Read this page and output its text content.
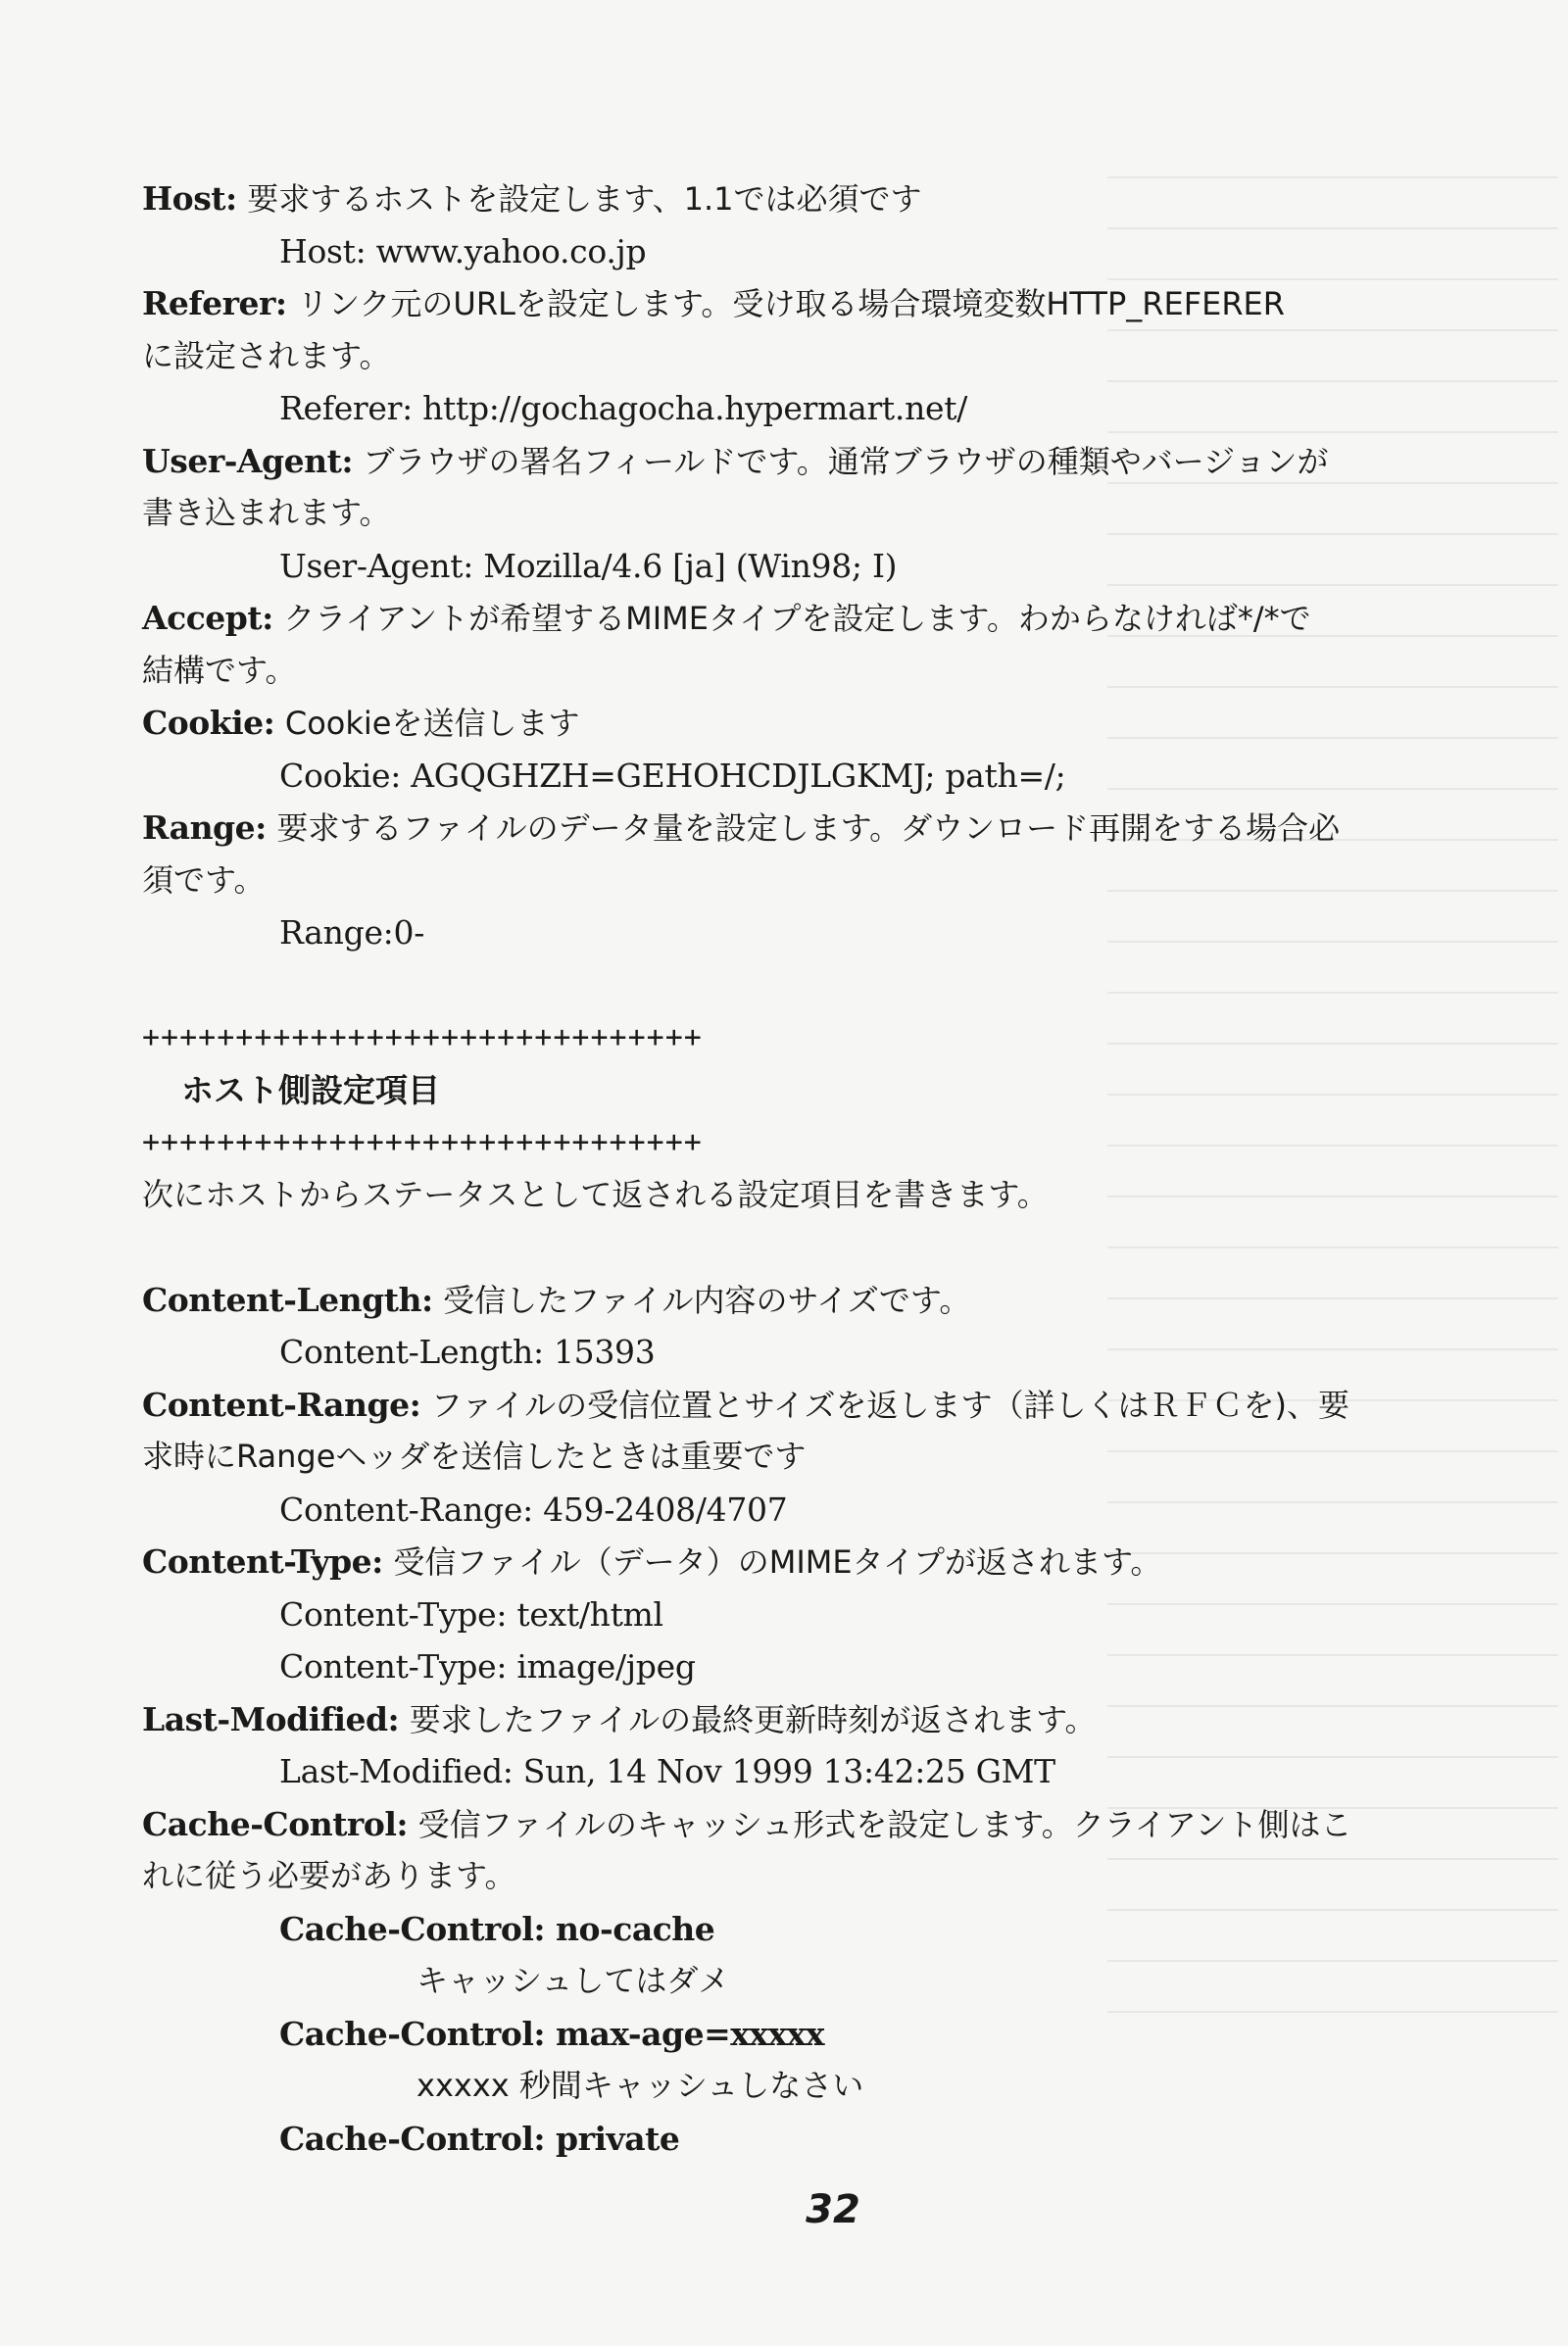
Host: 要求するホストを設定します、1.1では必須です
Host: www.yahoo.co.jp
Referer: リンク元のURLを設定します。受け取る場合環境変数HTTP_REFERER
に設定されます。
Referer: http://gochagocha.hypermart.net/
User-Agent: ブラウザの署名フィールドです。通常ブラウザの種類やバージョンが
書き込まれます。
User-Agent: Mozilla/4.6 [ja] (Win98; I)
Accept: クライアントが希望するMIMEタイプを設定します。わからなければ*/*で
結構です。
Cookie: Cookieを送信します
Cookie: AGQGHZH=GEHOHCDJLGKMJ; path=/;
Range: 要求するファイルのデータ量を設定します。ダウンロード再開をする場合必
須です。
Range:0-
++++++++++++++++++++++++++++++
ホスト側設定項目
++++++++++++++++++++++++++++++
次にホストからステータスとして返される設定項目を書きます。
Content-Length: 受信したファイル内容のサイズです。
Content-Length: 15393
Content-Range: ファイルの受信位置とサイズを返します（詳しくはＲＦＣを)、要
求時にRangeヘッダを送信したときは重要です
Content-Range: 459-2408/4707
Content-Type: 受信ファイル（データ）のMIMEタイプが返されます。
Content-Type: text/html
Content-Type: image/jpeg
Last-Modified: 要求したファイルの最終更新時刻が返されます。
Last-Modified: Sun, 14 Nov 1999 13:42:25 GMT
Cache-Control: 受信ファイルのキャッシュ形式を設定します。クライアント側はこ
れに従う必要があります。
Cache-Control: no-cache
キャッシュしてはダメ
Cache-Control: max-age=xxxxx
xxxxx 秒間キャッシュしなさい
Cache-Control: private
32
